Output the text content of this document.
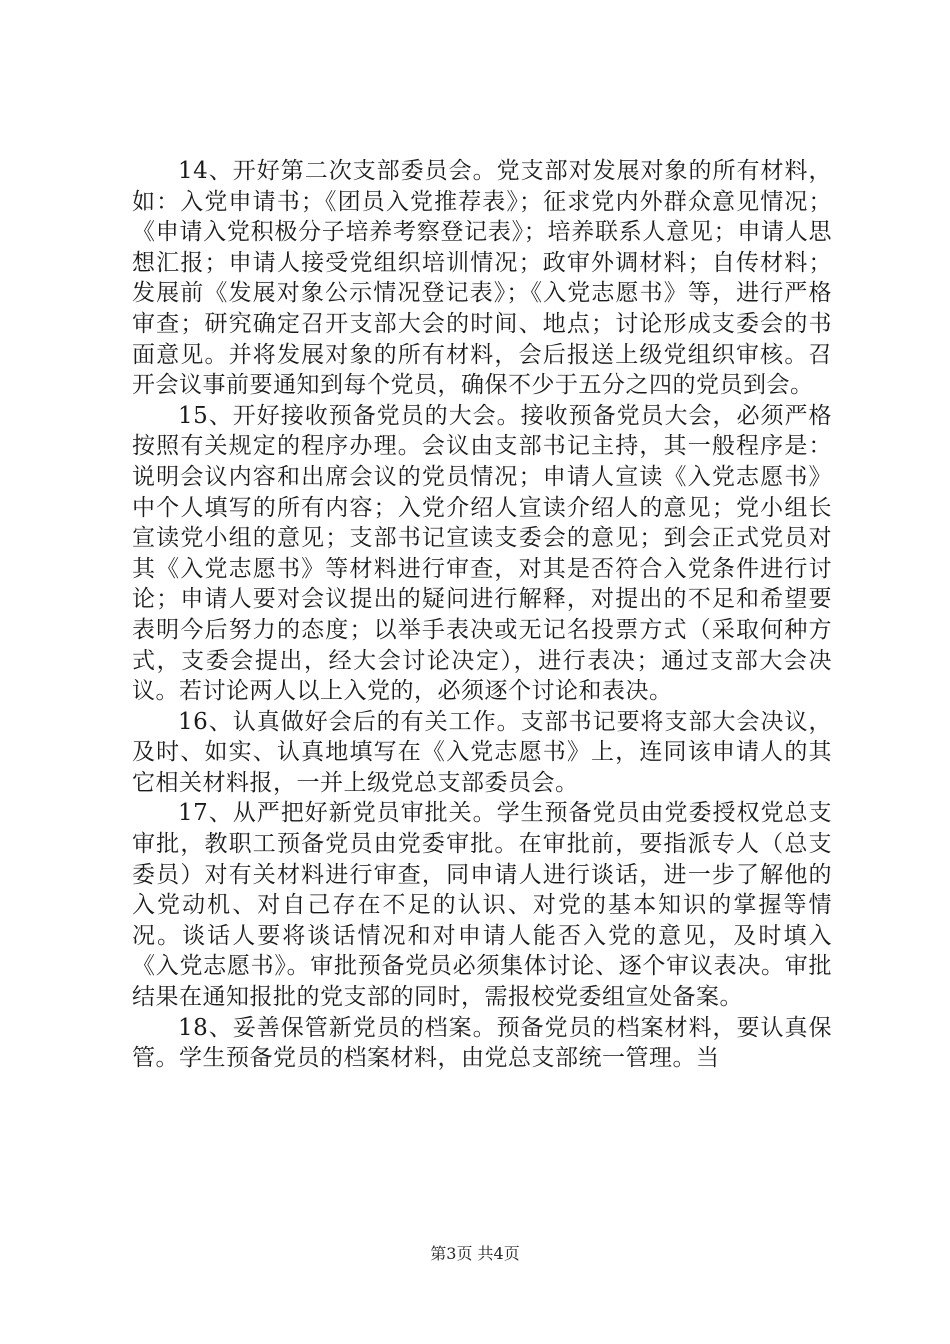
14、开好第二次支部委员会。党支部对发展对象的所有材料，如：入党申请书；《团员入党推荐表》；征求党内外群众意见情况；《申请入党积极分子培养考察登记表》；培养联系人意见；申请人思想汇报；申请人接受党组织培训情况；政审外调材料；自传材料；发展前《发展对象公示情况登记表》；《入党志愿书》等，进行严格审查；研究确定召开支部大会的时间、地点；讨论形成支委会的书面意见。并将发展对象的所有材料，会后报送上级党组织审核。召开会议事前要通知到每个党员，确保不少于五分之四的党员到会。

15、开好接收预备党员的大会。接收预备党员大会，必须严格按照有关规定的程序办理。会议由支部书记主持，其一般程序是：说明会议内容和出席会议的党员情况；申请人宣读《入党志愿书》中个人填写的所有内容；入党介绍人宣读介绍人的意见；党小组长宣读党小组的意见；支部书记宣读支委会的意见；到会正式党员对其《入党志愿书》等材料进行审查，对其是否符合入党条件进行讨论；申请人要对会议提出的疑问进行解释，对提出的不足和希望要表明今后努力的态度；以举手表决或无记名投票方式（采取何种方式，支委会提出，经大会讨论决定），进行表决；通过支部大会决议。若讨论两人以上入党的，必须逐个讨论和表决。

16、认真做好会后的有关工作。支部书记要将支部大会决议，及时、如实、认真地填写在《入党志愿书》上，连同该申请人的其它相关材料报，一并上级党总支部委员会。

17、从严把好新党员审批关。学生预备党员由党委授权党总支审批，教职工预备党员由党委审批。在审批前，要指派专人（总支委员）对有关材料进行审查，同申请人进行谈话，进一步了解他的入党动机、对自己存在不足的认识、对党的基本知识的掌握等情况。谈话人要将谈话情况和对申请人能否入党的意见，及时填入《入党志愿书》。审批预备党员必须集体讨论、逐个审议表决。审批结果在通知报批的党支部的同时，需报校党委组宣处备案。

18、妥善保管新党员的档案。预备党员的档案材料，要认真保管。学生预备党员的档案材料，由党总支部统一管理。当

第3页 共4页
